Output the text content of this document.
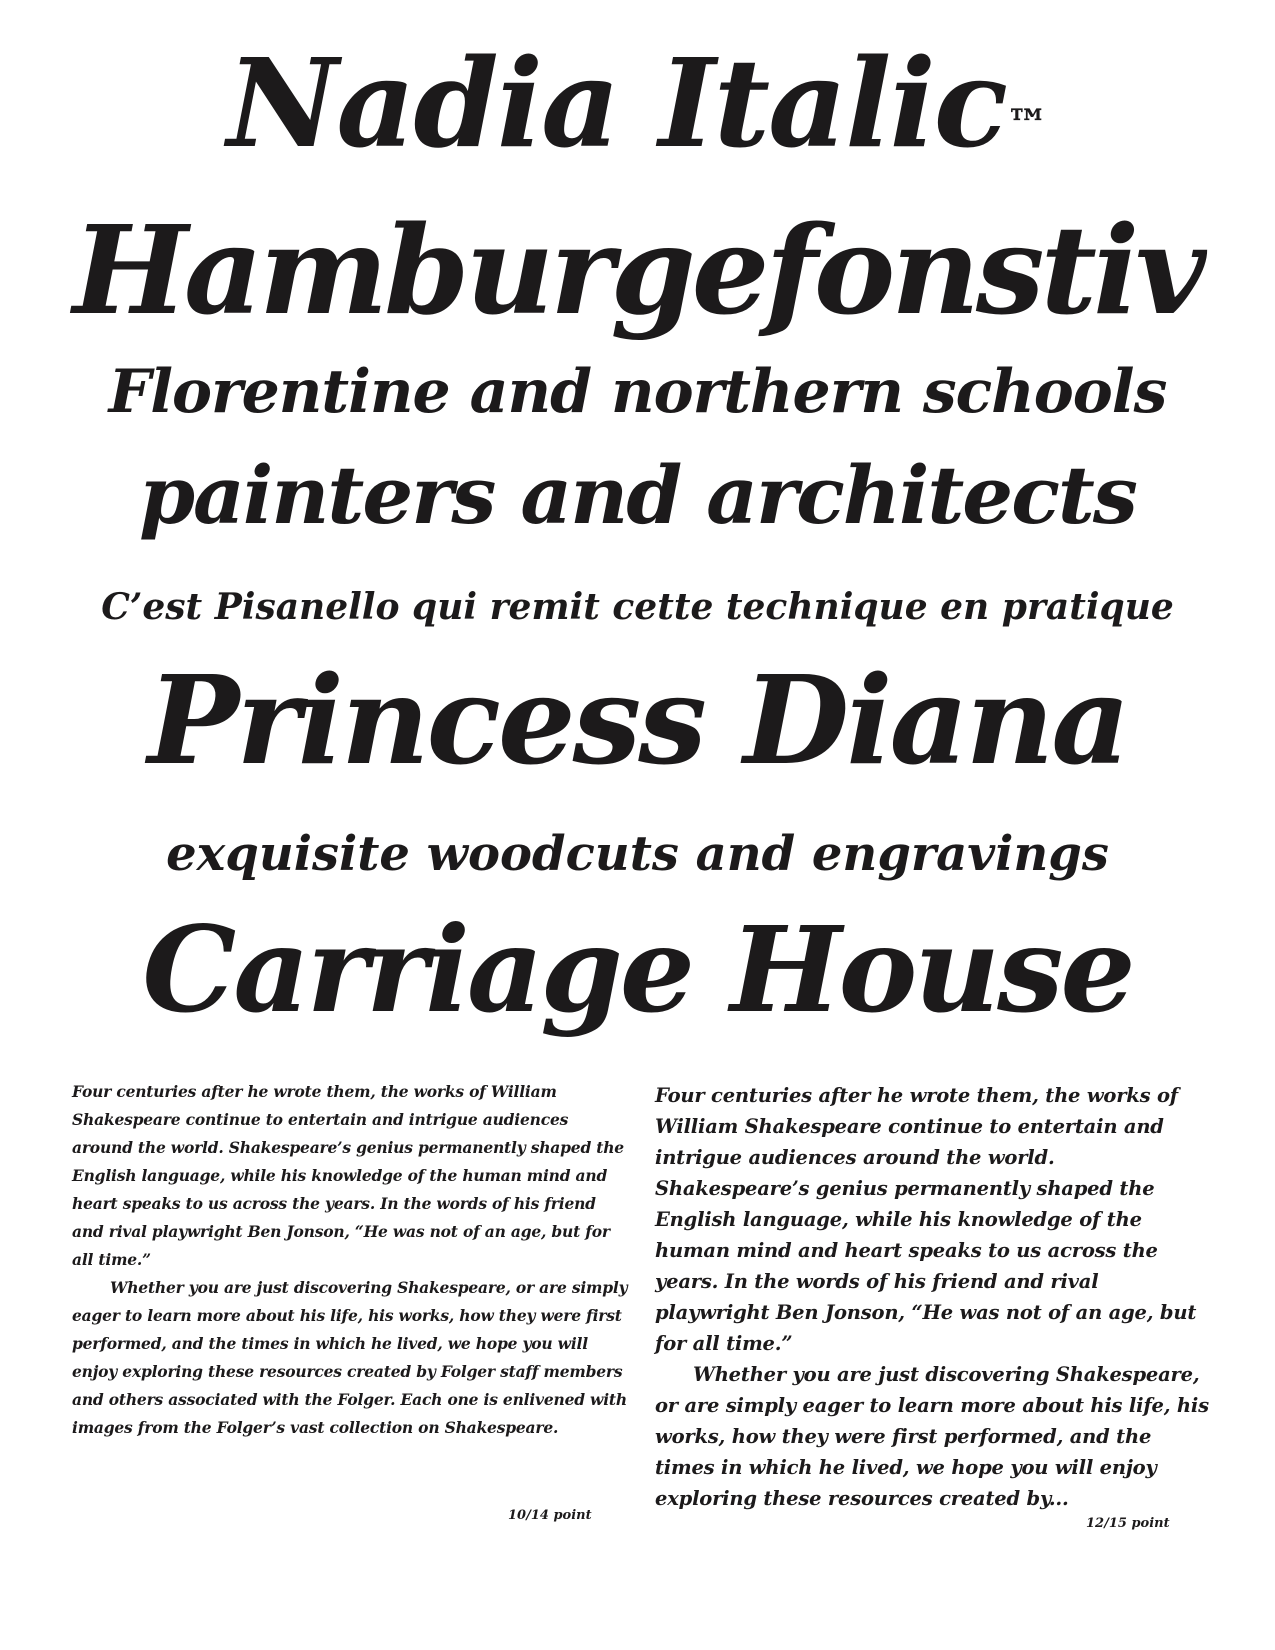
Nadia Italic™
Hamburgefonstiv
Florentine and northern schools
painters and architects
C’est Pisanello qui remit cette technique en pratique
Princess Diana
exquisite woodcuts and engravings
Carriage House

Four centuries after he wrote them, the works of William Shakespeare continue to entertain and intrigue audiences around the world. Shakespeare’s genius permanently shaped the English language, while his knowledge of the human mind and heart speaks to us across the years. In the words of his friend and rival playwright Ben Jonson, “He was not of an age, but for all time.”

Whether you are just discovering Shakespeare, or are simply eager to learn more about his life, his works, how they were first performed, and the times in which he lived, we hope you will enjoy exploring these resources created by Folger staff members and others associated with the Folger. Each one is enlivened with images from the Folger’s vast collection on Shakespeare.

10/14 point

Four centuries after he wrote them, the works of William Shakespeare continue to entertain and intrigue audiences around the world. Shakespeare’s genius permanently shaped the English language, while his knowledge of the human mind and heart speaks to us across the years. In the words of his friend and rival playwright Ben Jonson, “He was not of an age, but for all time.”

Whether you are just discovering Shakespeare, or are simply eager to learn more about his life, his works, how they were first performed, and the times in which he lived, we hope you will enjoy exploring these resources created by...

12/15 point
